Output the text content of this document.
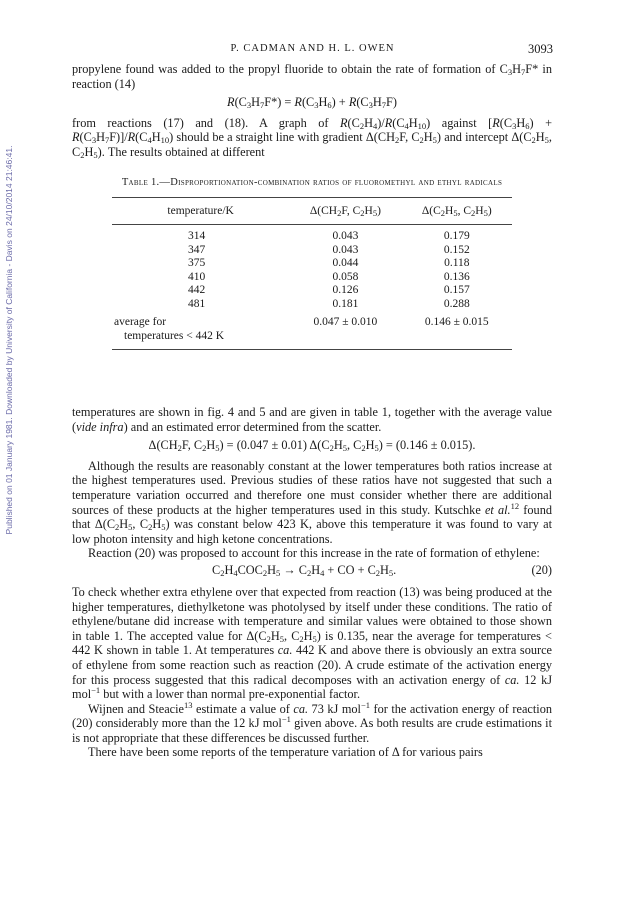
Published on 01 January 1981. Downloaded by University of California - Davis on 24/10/2014 21:46:41.
P. CADMAN AND H. L. OWEN	3093

propylene found was added to the propyl fluoride to obtain the rate of formation of $C_3H_7F*$ in reaction (14)

$R(C_3H_7F*) = R(C_3H_6) + R(C_3H_7F)$

from reactions (17) and (18). A graph of $R(C_2H_4)/R(C_4H_{10})$ against $[R(C_3H_6) + R(C_3H_7F)]/R(C_4H_{10})$ should be a straight line with gradient $\Delta(CH_2F$, $C_2H_5$) and intercept $\Delta(C_2H_5$, $C_2H_5$). The results obtained at different

Table 1.—Disproportionation-combination ratios of fluoromethyl and ethyl radicals

temperature/K	$\Delta(CH_2F$, $C_2H_5$)	$\Delta(C_2H_5$, $C_2H_5$)

314	0.043	0.179
347	0.043	0.152
375	0.044	0.118
410	0.058	0.136
442	0.126	0.157
481	0.181	0.288

average for	0.047 ± 0.010	0.146 ± 0.015
temperatures < 442 K		

temperatures are shown in fig. 4 and 5 and are given in table 1, together with the average value (vide infra) and an estimated error determined from the scatter.

$\Delta(CH_2F$, $C_2H_5) = (0.047 \pm 0.01)$ $\Delta(C_2H_5$, $C_2H_5) = (0.146 \pm 0.015)$.

Although the results are reasonably constant at the lower temperatures both ratios increase at the highest temperatures used. Previous studies of these ratios have not suggested that such a temperature variation occurred and therefore one must consider whether there are additional sources of these products at the higher temperatures used in this study. Kutschke et al.$^{12}$ found that $\Delta(C_2H_5$, $C_2H_5$) was constant below 423 K, above this temperature it was found to vary at low photon intensity and high ketone concentrations.

Reaction (20) was proposed to account for this increase in the rate of formation of ethylene:

$C_2H_4COC_2H_5 \to C_2H_4$ + CO + $C_2H_5$.	(20)

To check whether extra ethylene over that expected from reaction (13) was being produced at the higher temperatures, diethylketone was photolysed by itself under these conditions. The ratio of ethylene/butane did increase with temperature and similar values were obtained to those shown in table 1. The accepted value for $\Delta(C_2H_5$, $C_2H_5$) is 0.135, near the average for temperatures < 442 K shown in table 1. At temperatures ca. 442 K and above there is obviously an extra source of ethylene from some reaction such as reaction (20). A crude estimate of the activation energy for this process suggested that this radical decomposes with an activation energy of ca. 12 kJ mol$^{-1}$ but with a lower than normal pre-exponential factor.

Wijnen and Steacie$^{13}$ estimate a value of ca. 73 kJ mol$^{-1}$ for the activation energy of reaction (20) considerably more than the 12 kJ mol$^{-1}$ given above. As both results are crude estimations it is not appropriate that these differences be discussed further.

There have been some reports of the temperature variation of Δ for various pairs
